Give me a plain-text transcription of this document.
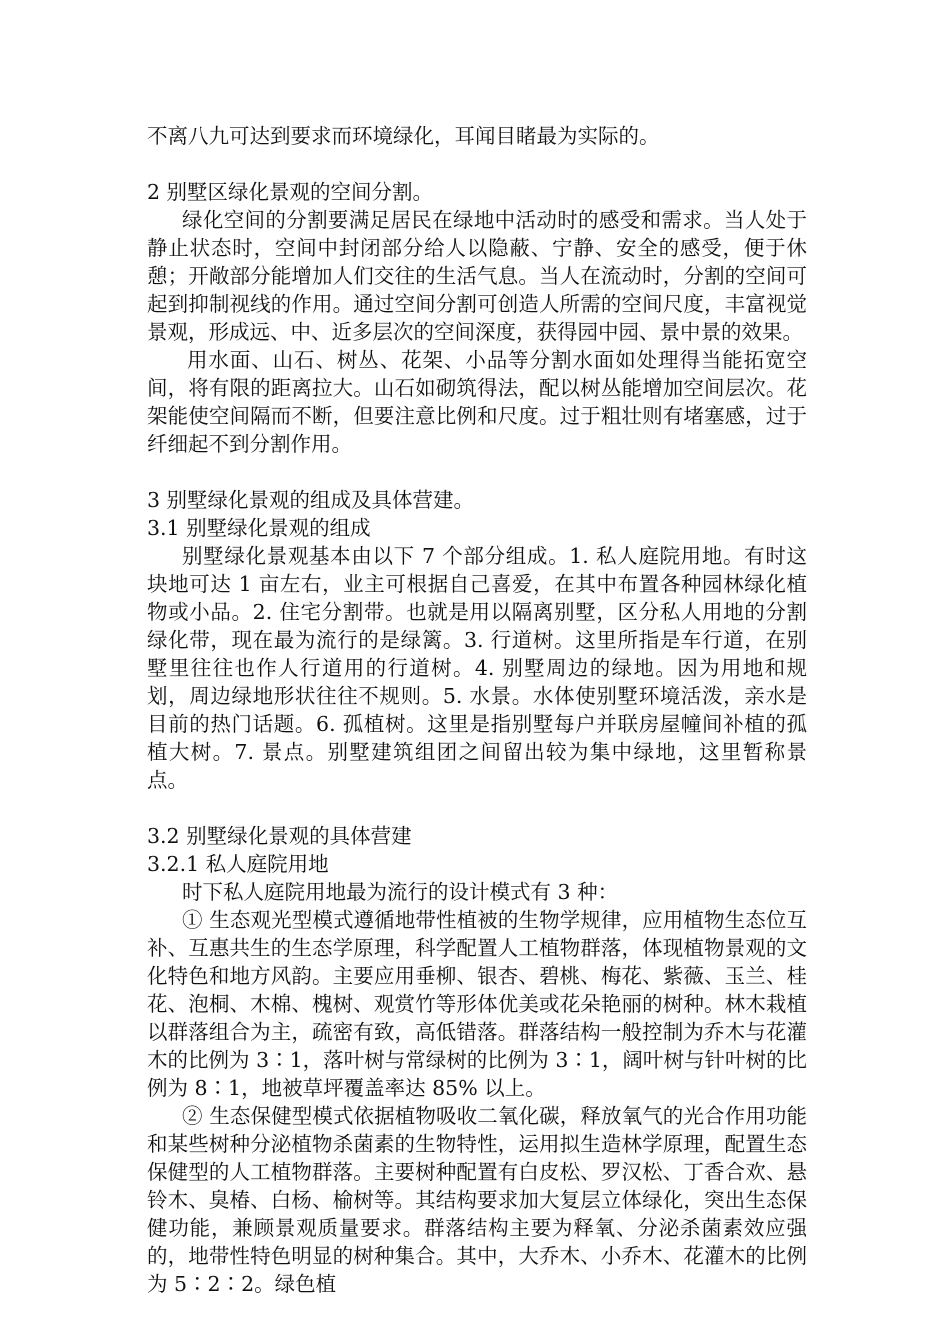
不离八九可达到要求而环境绿化，耳闻目睹最为实际的。

2 别墅区绿化景观的空间分割。

绿化空间的分割要满足居民在绿地中活动时的感受和需求。当人处于静止状态时，空间中封闭部分给人以隐蔽、宁静、安全的感受，便于休憩；开敞部分能增加人们交往的生活气息。当人在流动时，分割的空间可起到抑制视线的作用。通过空间分割可创造人所需的空间尺度，丰富视觉景观，形成远、中、近多层次的空间深度，获得园中园、景中景的效果。

用水面、山石、树丛、花架、小品等分割水面如处理得当能拓宽空间，将有限的距离拉大。山石如砌筑得法，配以树丛能增加空间层次。花架能使空间隔而不断，但要注意比例和尺度。过于粗壮则有堵塞感，过于纤细起不到分割作用。

3 别墅绿化景观的组成及具体营建。

3.1 别墅绿化景观的组成

别墅绿化景观基本由以下 7 个部分组成。1. 私人庭院用地。有时这块地可达 1 亩左右，业主可根据自己喜爱，在其中布置各种园林绿化植物或小品。2. 住宅分割带。也就是用以隔离别墅，区分私人用地的分割绿化带，现在最为流行的是绿篱。3. 行道树。这里所指是车行道，在别墅里往往也作人行道用的行道树。4. 别墅周边的绿地。因为用地和规划，周边绿地形状往往不规则。5. 水景。水体使别墅环境活泼，亲水是目前的热门话题。6. 孤植树。这里是指别墅每户并联房屋幢间补植的孤植大树。7. 景点。别墅建筑组团之间留出较为集中绿地，这里暂称景点。

3.2 别墅绿化景观的具体营建

3.2.1 私人庭院用地

时下私人庭院用地最为流行的设计模式有 3 种：

① 生态观光型模式遵循地带性植被的生物学规律，应用植物生态位互补、互惠共生的生态学原理，科学配置人工植物群落，体现植物景观的文化特色和地方风韵。主要应用垂柳、银杏、碧桃、梅花、紫薇、玉兰、桂花、泡桐、木棉、槐树、观赏竹等形体优美或花朵艳丽的树种。林木栽植以群落组合为主，疏密有致，高低错落。群落结构一般控制为乔木与花灌木的比例为 3∶1，落叶树与常绿树的比例为 3∶1，阔叶树与针叶树的比例为 8∶1，地被草坪覆盖率达 85% 以上。

② 生态保健型模式依据植物吸收二氧化碳，释放氧气的光合作用功能和某些树种分泌植物杀菌素的生物特性，运用拟生造林学原理，配置生态保健型的人工植物群落。主要树种配置有白皮松、罗汉松、丁香合欢、悬铃木、臭椿、白杨、榆树等。其结构要求加大复层立体绿化，突出生态保健功能，兼顾景观质量要求。群落结构主要为释氧、分泌杀菌素效应强的，地带性特色明显的树种集合。其中，大乔木、小乔木、花灌木的比例为 5∶2∶2。绿色植
